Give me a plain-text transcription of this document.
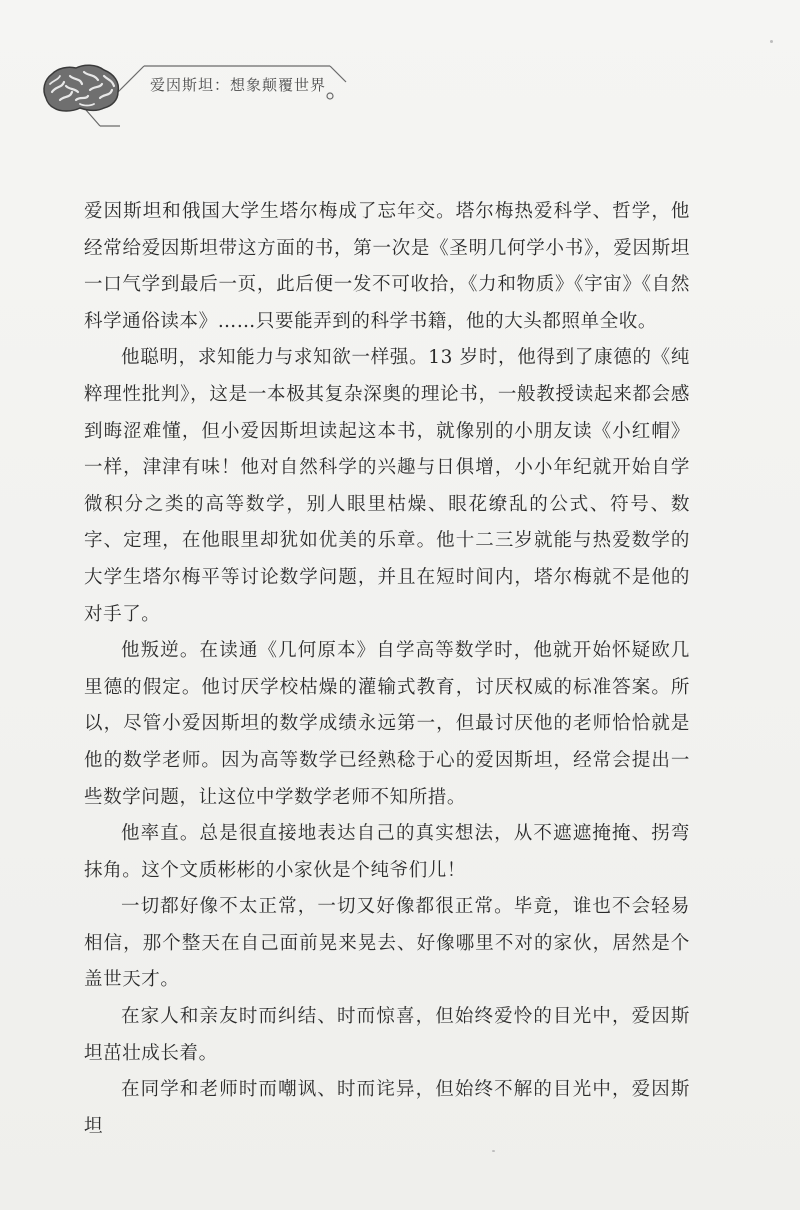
爱因斯坦：想象颠覆世界

爱因斯坦和俄国大学生塔尔梅成了忘年交。塔尔梅热爱科学、哲学，他经常给爱因斯坦带这方面的书，第一次是《圣明几何学小书》，爱因斯坦一口气学到最后一页，此后便一发不可收拾，《力和物质》《宇宙》《自然科学通俗读本》……只要能弄到的科学书籍，他的大头都照单全收。

他聪明，求知能力与求知欲一样强。13 岁时，他得到了康德的《纯粹理性批判》，这是一本极其复杂深奥的理论书，一般教授读起来都会感到晦涩难懂，但小爱因斯坦读起这本书，就像别的小朋友读《小红帽》一样，津津有味！他对自然科学的兴趣与日俱增，小小年纪就开始自学微积分之类的高等数学，别人眼里枯燥、眼花缭乱的公式、符号、数字、定理，在他眼里却犹如优美的乐章。他十二三岁就能与热爱数学的大学生塔尔梅平等讨论数学问题，并且在短时间内，塔尔梅就不是他的对手了。

他叛逆。在读通《几何原本》自学高等数学时，他就开始怀疑欧几里德的假定。他讨厌学校枯燥的灌输式教育，讨厌权威的标准答案。所以，尽管小爱因斯坦的数学成绩永远第一，但最讨厌他的老师恰恰就是他的数学老师。因为高等数学已经熟稔于心的爱因斯坦，经常会提出一些数学问题，让这位中学数学老师不知所措。

他率直。总是很直接地表达自己的真实想法，从不遮遮掩掩、拐弯抹角。这个文质彬彬的小家伙是个纯爷们儿！

一切都好像不太正常，一切又好像都很正常。毕竟，谁也不会轻易相信，那个整天在自己面前晃来晃去、好像哪里不对的家伙，居然是个盖世天才。

在家人和亲友时而纠结、时而惊喜，但始终爱怜的目光中，爱因斯坦茁壮成长着。

在同学和老师时而嘲讽、时而诧异，但始终不解的目光中，爱因斯坦
